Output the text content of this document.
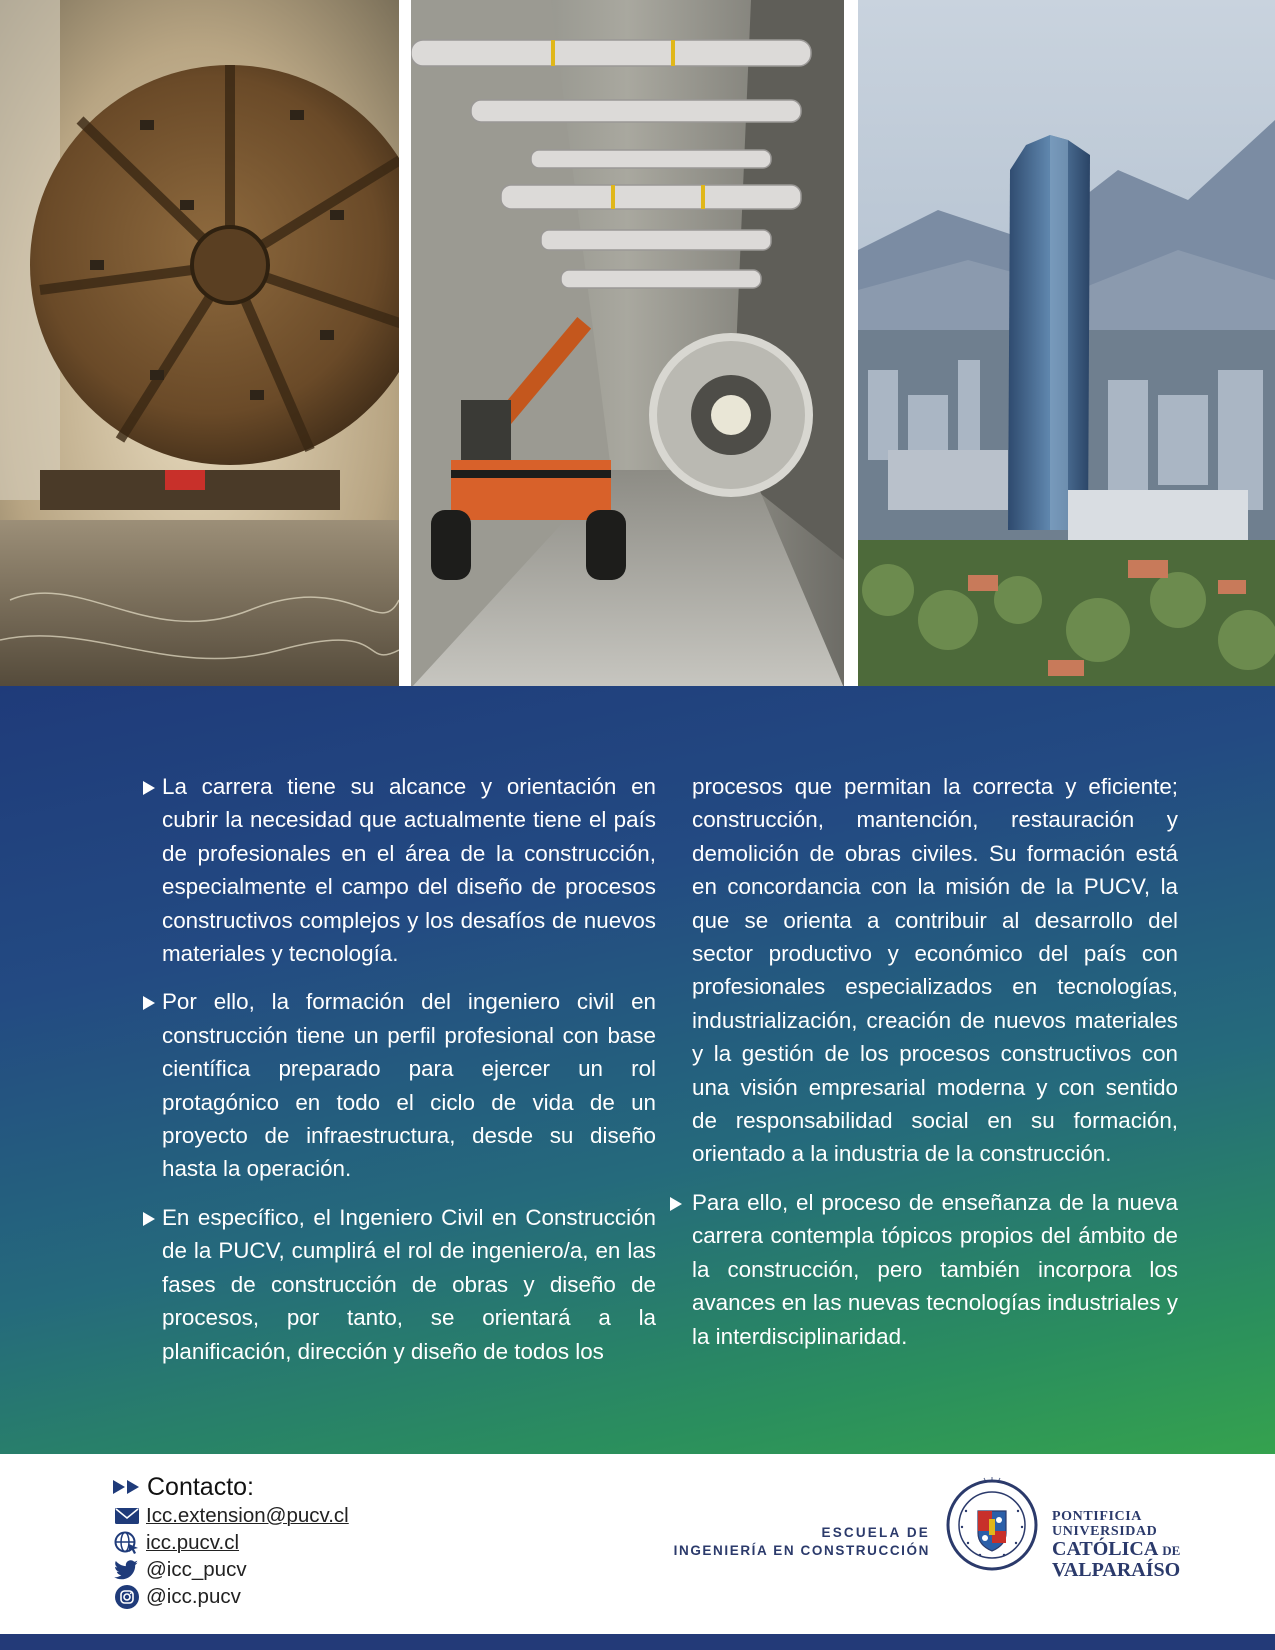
La carrera tiene su alcance y orientación en cubrir la necesidad que actualmente tiene el país de profesionales en el área de la construcción, especialmente el campo del diseño de procesos constructivos complejos y los desafíos de nuevos materiales y tecnología.

Por ello, la formación del ingeniero civil en construcción tiene un perfil profesional con base científica preparado para ejercer un rol protagónico en todo el ciclo de vida de un proyecto de infraestructura, desde su diseño hasta la operación.

En específico, el Ingeniero Civil en Construcción de la PUCV, cumplirá el rol de ingeniero/a, en las fases de construcción de obras y diseño de procesos, por tanto, se orientará a la planificación, dirección y diseño de todos los

procesos que permitan la correcta y eficiente; construcción, mantención, restauración y demolición de obras civiles. Su formación está en concordancia con la misión de la PUCV, la que se orienta a contribuir al desarrollo del sector productivo y económico del país con profesionales especializados en tecnologías, industrialización, creación de nuevos materiales y la gestión de los procesos constructivos con una visión empresarial moderna y con sentido de responsabilidad social en su formación, orientado a la industria de la construcción.

Para ello, el proceso de enseñanza de la nueva carrera contempla tópicos propios del ámbito de la construcción, pero también incorpora los avances en las nuevas tecnologías industriales y la interdisciplinaridad.

Contacto:
Icc.extension@pucv.cl
icc.pucv.cl
@icc_pucv
@icc.pucv
ESCUELA DE
INGENIERÍA EN CONSTRUCCIÓN
PONTIFICIA
UNIVERSIDAD
CATÓLICA DE
VALPARAÍSO
